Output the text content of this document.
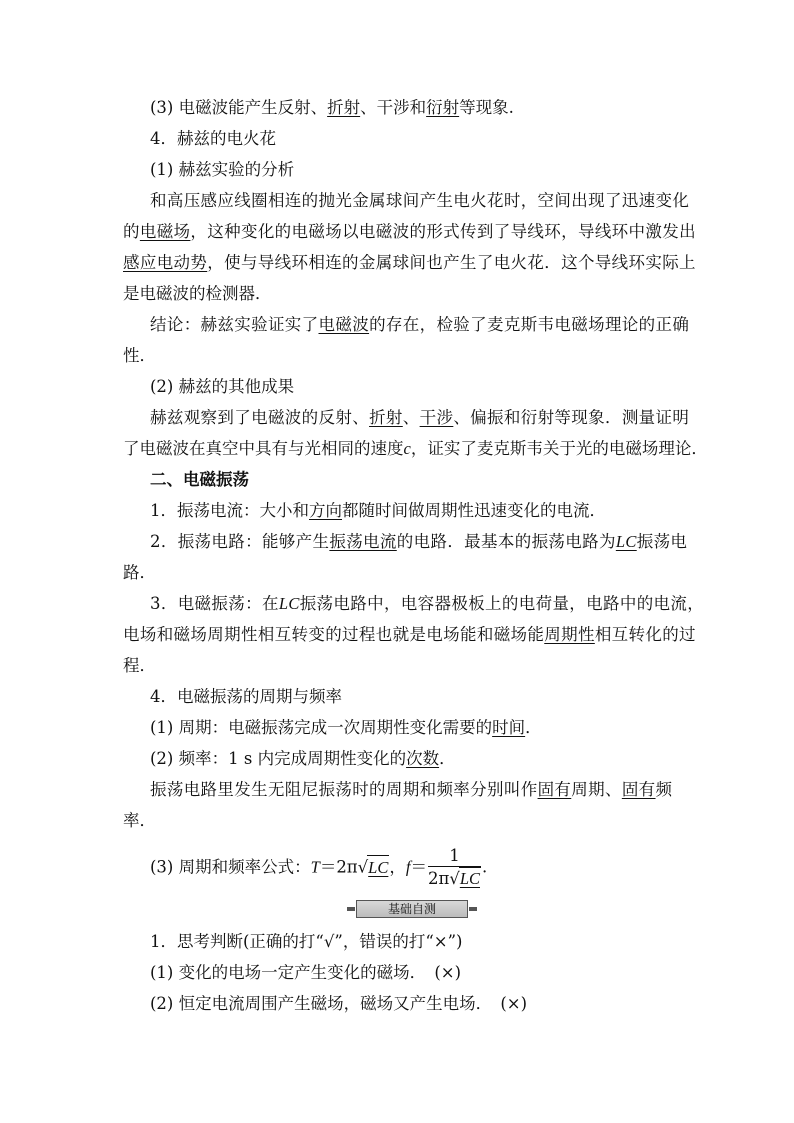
(3) 电磁波能产生反射、折射、干涉和衍射等现象.
4．赫兹的电火花
(1) 赫兹实验的分析
和高压感应线圈相连的抛光金属球间产生电火花时，空间出现了迅速变化
的电磁场，这种变化的电磁场以电磁波的形式传到了导线环，导线环中激发出
感应电动势，使与导线环相连的金属球间也产生了电火花．这个导线环实际上
是电磁波的检测器．
结论：赫兹实验证实了电磁波的存在，检验了麦克斯韦电磁场理论的正确
性．
(2) 赫兹的其他成果
赫兹观察到了电磁波的反射、折射、干涉、偏振和衍射等现象．测量证明
了电磁波在真空中具有与光相同的速度c，证实了麦克斯韦关于光的电磁场理论．
二、电磁振荡
1．振荡电流：大小和方向都随时间做周期性迅速变化的电流．
2．振荡电路：能够产生振荡电流的电路．最基本的振荡电路为LC振荡电
路．
3．电磁振荡：在LC振荡电路中，电容器极板上的电荷量，电路中的电流，
电场和磁场周期性相互转变的过程也就是电场能和磁场能周期性相互转化的过
程．
4．电磁振荡的周期与频率
(1) 周期：电磁振荡完成一次周期性变化需要的时间．
(2) 频率：1 s 内完成周期性变化的次数．
振荡电路里发生无阻尼振荡时的周期和频率分别叫作固有周期、固有频
率．
(3) 周期和频率公式：T＝2π√LC，$f= \frac{1}{2\pi√LC}$ .
基础自测
1．思考判断(正确的打“√”，错误的打“×”)
(1) 变化的电场一定产生变化的磁场．　(×)
(2) 恒定电流周围产生磁场，磁场又产生电场．　(×)
